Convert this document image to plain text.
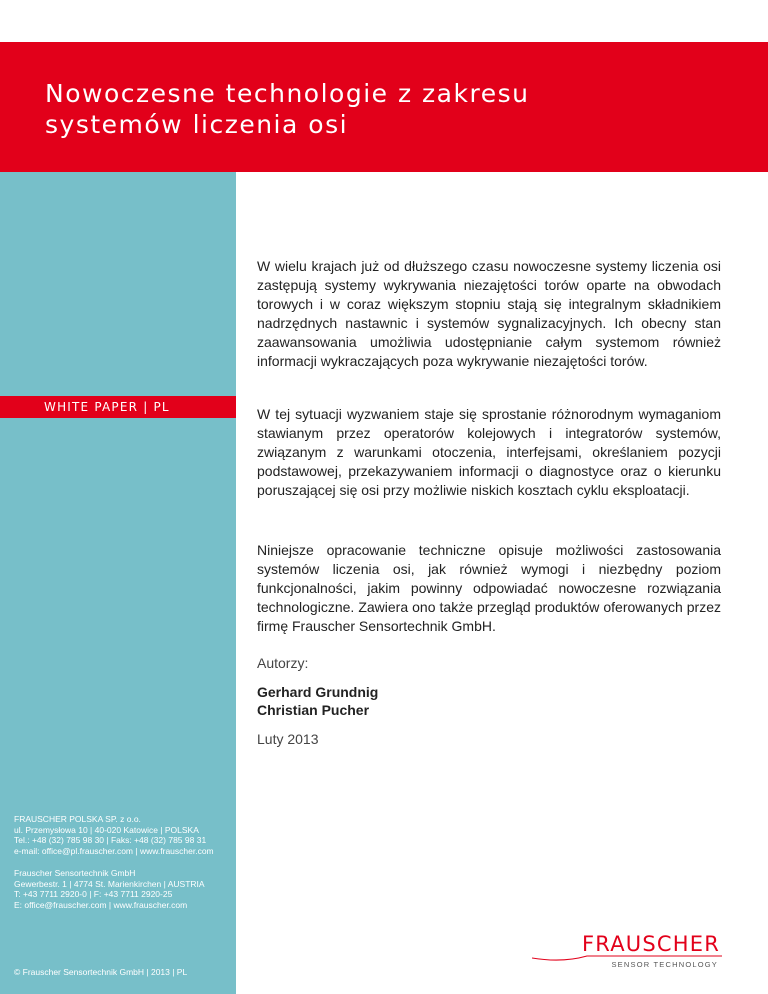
Nowoczesne technologie z zakresu
systemów liczenia osi
WHITE PAPER | PL

W wielu krajach już od dłuższego czasu nowoczesne systemy liczenia osi zastępują systemy wykrywania niezajętości torów oparte na obwodach torowych i w coraz większym stopniu stają się integralnym składnikiem nadrzędnych nastawnic i systemów sygnalizacyjnych. Ich obecny stan zaawansowania umożliwia udostępnianie całym systemom również informacji wykraczających poza wykrywanie niezajętości torów.

W tej sytuacji wyzwaniem staje się sprostanie różnorodnym wymaganiom stawianym przez operatorów kolejowych i integratorów systemów, związanym z warunkami otoczenia, interfejsami, określaniem pozycji podstawowej, przekazywaniem informacji o diagnostyce oraz o kierunku poruszającej się osi przy możliwie niskich kosztach cyklu eksploatacji.

Niniejsze opracowanie techniczne opisuje możliwości zastosowania systemów liczenia osi, jak również wymogi i niezbędny poziom funkcjonalności, jakim powinny odpowiadać nowoczesne rozwiązania technologiczne. Zawiera ono także przegląd produktów oferowanych przez firmę Frauscher Sensortechnik GmbH.

Autorzy:
Gerhard Grundnig
Christian Pucher
Luty 2013
FRAUSCHER POLSKA SP. z o.o.
ul. Przemysłowa 10 | 40-020 Katowice | POLSKA
Tel.: +48 (32) 785 98 30 | Faks: +48 (32) 785 98 31
e-mail: office@pl.frauscher.com | www.frauscher.com
Frauscher Sensortechnik GmbH
Gewerbestr. 1 | 4774 St. Marienkirchen | AUSTRIA
T: +43 7711 2920-0 | F: +43 7711 2920-25
E: office@frauscher.com | www.frauscher.com
© Frauscher Sensortechnik GmbH | 2013 | PL
FRAUSCHER
SENSOR TECHNOLOGY
